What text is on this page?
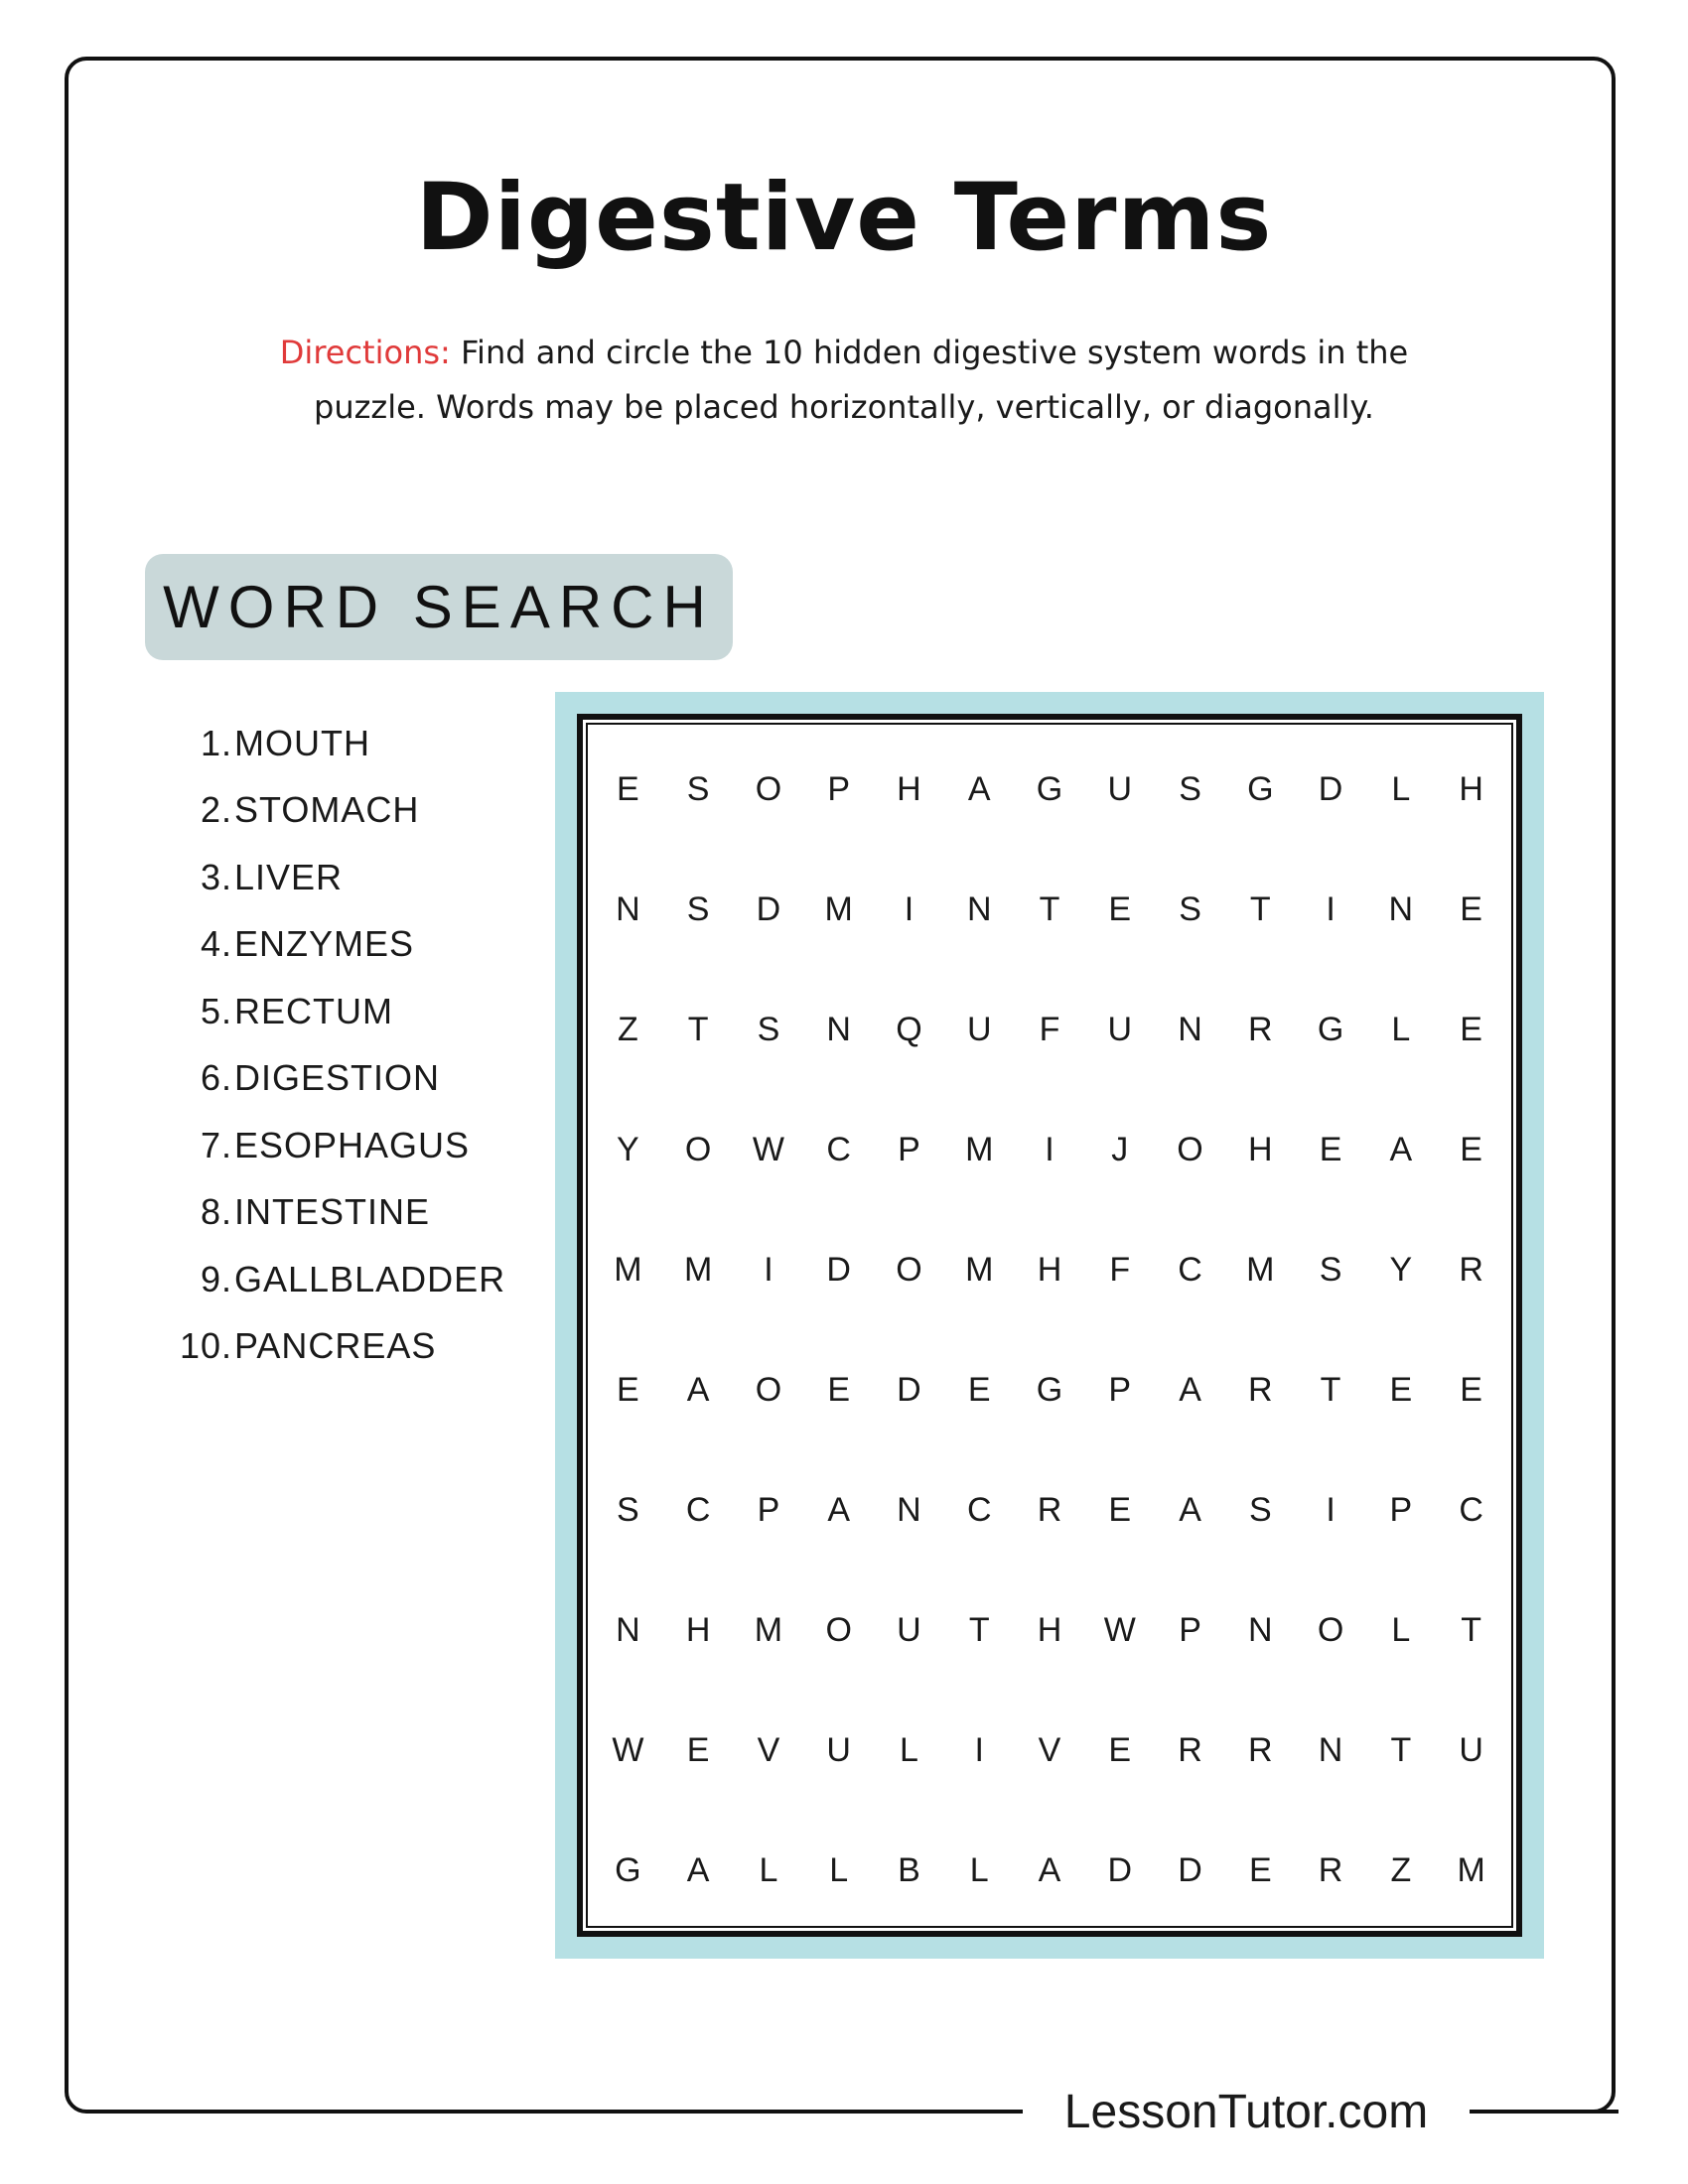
Digestive Terms
Directions: Find and circle the 10 hidden digestive system words in the puzzle. Words may be placed horizontally, vertically, or diagonally.
WORD SEARCH
1. MOUTH
2. STOMACH
3. LIVER
4. ENZYMES
5. RECTUM
6. DIGESTION
7. ESOPHAGUS
8. INTESTINE
9. GALLBLADDER
10. PANCREAS
E	S	O	P	H	A	G	U	S	G	D	L	H
N	S	D	M	I	N	T	E	S	T	I	N	E
Z	T	S	N	Q	U	F	U	N	R	G	L	E
Y	O	W	C	P	M	I	J	O	H	E	A	E
M	M	I	D	O	M	H	F	C	M	S	Y	R
E	A	O	E	D	E	G	P	A	R	T	E	E
S	C	P	A	N	C	R	E	A	S	I	P	C
N	H	M	O	U	T	H	W	P	N	O	L	T
W	E	V	U	L	I	V	E	R	R	N	T	U
G	A	L	L	B	L	A	D	D	E	R	Z	M
LessonTutor.com
